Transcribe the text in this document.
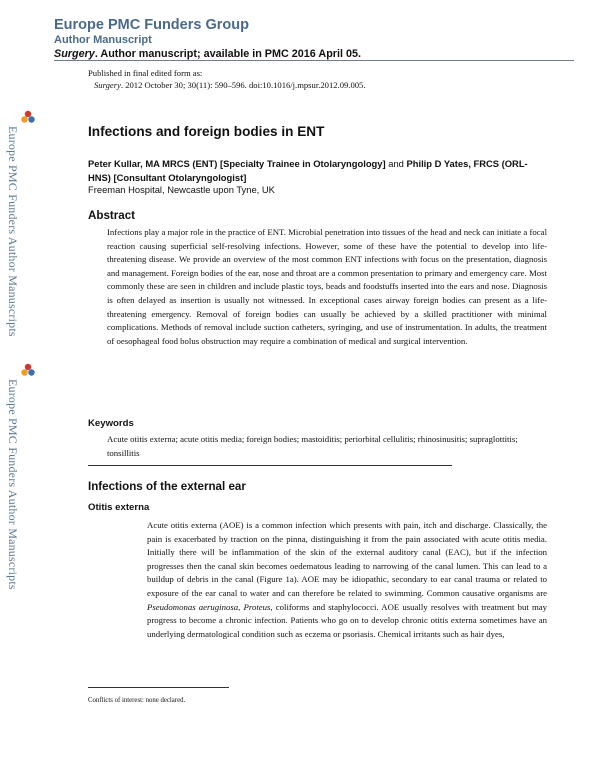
Europe PMC Funders Group

Author Manuscript

Surgery. Author manuscript; available in PMC 2016 April 05.

Published in final edited form as:
Surgery. 2012 October 30; 30(11): 590–596. doi:10.1016/j.mpsur.2012.09.005.
Europe PMC Funders Author Manuscripts
Europe PMC Funders Author Manuscripts
Infections and foreign bodies in ENT
Peter Kullar, MA MRCS (ENT) [Specialty Trainee in Otolaryngology] and Philip D Yates, FRCS (ORL-HNS) [Consultant Otolaryngologist]
Freeman Hospital, Newcastle upon Tyne, UK
Abstract
Infections play a major role in the practice of ENT. Microbial penetration into tissues of the head and neck can initiate a focal reaction causing superficial self-resolving infections. However, some of these have the potential to develop into life-threatening disease. We provide an overview of the most common ENT infections with focus on the presentation, diagnosis and management. Foreign bodies of the ear, nose and throat are a common presentation to primary and emergency care. Most commonly these are seen in children and include plastic toys, beads and foodstuffs inserted into the ears and nose. Diagnosis is often delayed as insertion is usually not witnessed. In exceptional cases airway foreign bodies can present as a life-threatening emergency. Removal of foreign bodies can usually be achieved by a skilled practitioner with minimal complications. Methods of removal include suction catheters, syringing, and use of instrumentation. In adults, the treatment of oesophageal food bolus obstruction may require a combination of medical and surgical intervention.
Keywords
Acute otitis externa; acute otitis media; foreign bodies; mastoiditis; periorbital cellulitis; rhinosinusitis; supraglottitis; tonsillitis
Infections of the external ear
Otitis externa
Acute otitis externa (AOE) is a common infection which presents with pain, itch and discharge. Classically, the pain is exacerbated by traction on the pinna, distinguishing it from the pain associated with acute otitis media. Initially there will be inflammation of the skin of the external auditory canal (EAC), but if the infection progresses then the canal skin becomes oedematous leading to narrowing of the canal lumen. This can lead to a buildup of debris in the canal (Figure 1a). AOE may be idiopathic, secondary to ear canal trauma or related to exposure of the ear canal to water and can therefore be related to swimming. Common causative organisms are Pseudomonas aeruginosa, Proteus, coliforms and staphylococci. AOE usually resolves with treatment but may progress to become a chronic infection. Patients who go on to develop chronic otitis externa sometimes have an underlying dermatological condition such as eczema or psoriasis. Chemical irritants such as hair dyes,
Conflicts of interest: none declared.
